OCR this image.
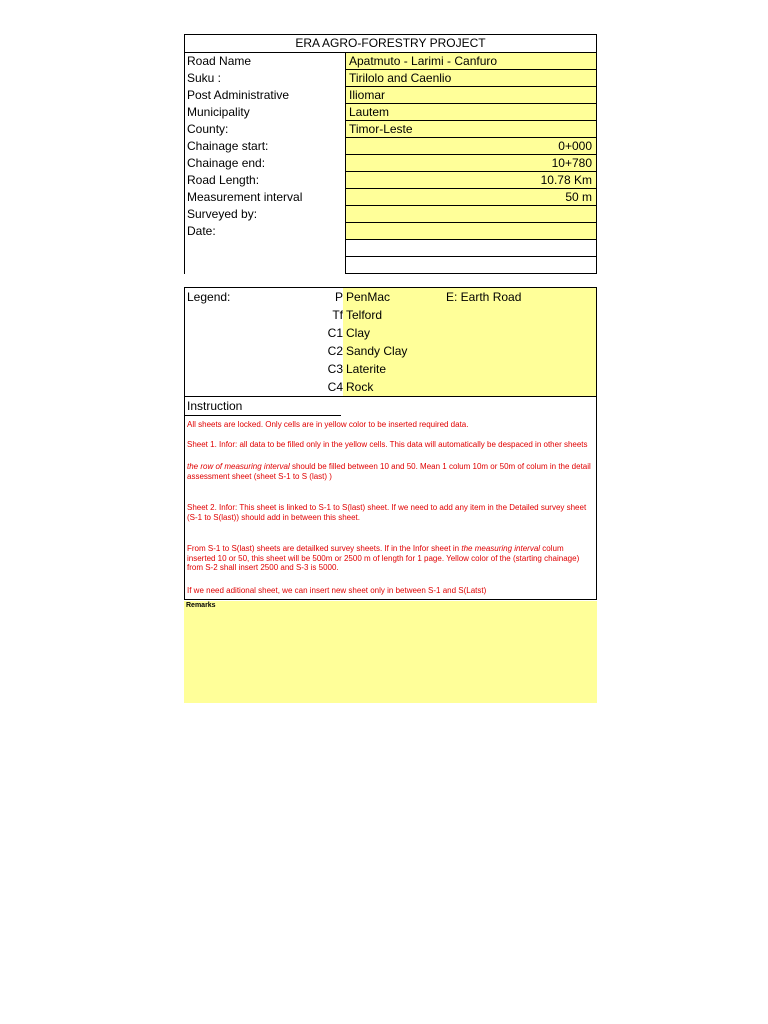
ERA AGRO-FORESTRY PROJECT
Road Name	Apatmuto - Larimi - Canfuro
Suku :	Tirilolo and Caenlio
Post Administrative	Iliomar
Municipality	Lautem
County:	Timor-Leste
Chainage start:	0+000
Chainage end:	10+780
Road Length:	10.78 Km
Measurement interval	50 m
Surveyed by:
Date:
Legend:	P PenMac	E: Earth Road
Tf Telford
C1 Clay
C2 Sandy Clay
C3 Laterite
C4 Rock
Instruction

All sheets are locked. Only cells are in yellow color to be inserted required data.

Sheet 1. Infor: all data to be filled only in the yellow cells. This data will automatically be despaced in other sheets

the row of measuring interval should be filled between 10 and 50. Mean 1 colum 10m or 50m of colum in the detail assessment sheet (sheet S-1 to S (last) )

Sheet 2. Infor: This sheet is linked to S-1 to S(last) sheet. If we need to add any item in the Detailed survey sheet (S-1 to S(last)) should add in between this sheet.

From S-1 to S(last) sheets are detailked survey sheets. If in the Infor sheet in the measuring interval colum inserted 10 or 50, this sheet will be 500m or 2500 m of length for 1 page. Yellow color of the (starting chainage) from S-2 shall insert 2500 and S-3 is 5000.

If we need aditional sheet, we can insert new sheet only in between S-1 and S(Latst)

Remarks
